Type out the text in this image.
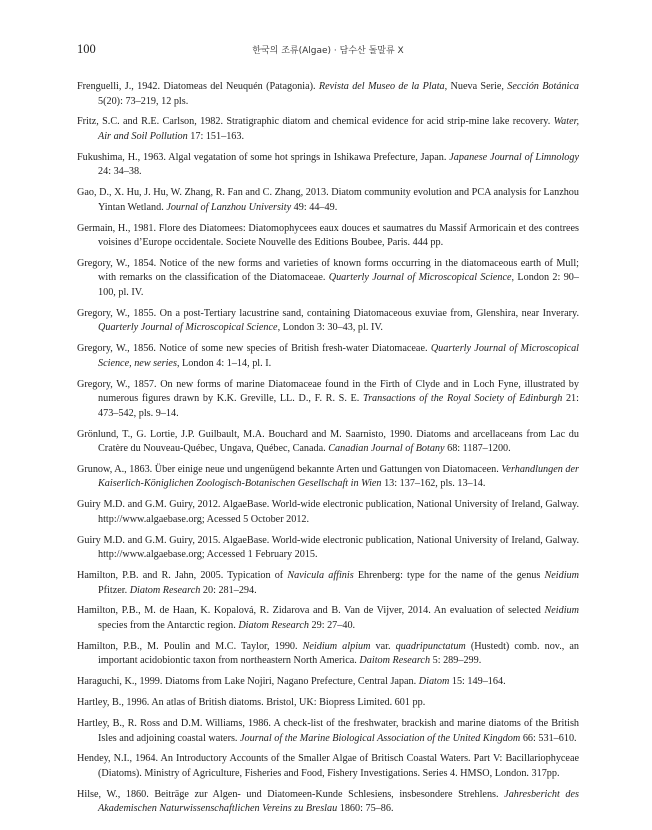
100	한국의 조류(Algae) · 담수산 돌말류 X
Frenguelli, J., 1942. Diatomeas del Neuquén (Patagonia). Revista del Museo de la Plata, Nueva Serie, Sección Botánica 5(20): 73–219, 12 pls.
Fritz, S.C. and R.E. Carlson, 1982. Stratigraphic diatom and chemical evidence for acid strip-mine lake recovery. Water, Air and Soil Pollution 17: 151–163.
Fukushima, H., 1963. Algal vegatation of some hot springs in Ishikawa Prefecture, Japan. Japanese Journal of Limnology 24: 34–38.
Gao, D., X. Hu, J. Hu, W. Zhang, R. Fan and C. Zhang, 2013. Diatom community evolution and PCA analysis for Lanzhou Yintan Wetland. Journal of Lanzhou University 49: 44–49.
Germain, H., 1981. Flore des Diatomees: Diatomophycees eaux douces et saumatres du Massif Armoricain et des contrees voisines d’Europe occidentale. Societe Nouvelle des Editions Boubee, Paris. 444 pp.
Gregory, W., 1854. Notice of the new forms and varieties of known forms occurring in the diatomaceous earth of Mull; with remarks on the classification of the Diatomaceae. Quarterly Journal of Microscopical Science, London 2: 90–100, pl. IV.
Gregory, W., 1855. On a post-Tertiary lacustrine sand, containing Diatomaceous exuviae from, Glenshira, near Inverary. Quarterly Journal of Microscopical Science, London 3: 30–43, pl. IV.
Gregory, W., 1856. Notice of some new species of British fresh-water Diatomaceae. Quarterly Journal of Microscopical Science, new series, London 4: 1–14, pl. I.
Gregory, W., 1857. On new forms of marine Diatomaceae found in the Firth of Clyde and in Loch Fyne, illustrated by numerous figures drawn by K.K. Greville, LL. D., F. R. S. E. Transactions of the Royal Society of Edinburgh 21: 473–542, pls. 9–14.
Grönlund, T., G. Lortie, J.P. Guilbault, M.A. Bouchard and M. Saarnisto, 1990. Diatoms and arcellaceans from Lac du Cratère du Nouveau-Québec, Ungava, Québec, Canada. Canadian Journal of Botany 68: 1187–1200.
Grunow, A., 1863. Über einige neue und ungenügend bekannte Arten und Gattungen von Diatomaceen. Verhandlungen der Kaiserlich-Königlichen Zoologisch-Botanischen Gesellschaft in Wien 13: 137–162, pls. 13–14.
Guiry M.D. and G.M. Guiry, 2012. AlgaeBase. World-wide electronic publication, National University of Ireland, Galway. http://www.algaebase.org; Acessed 5 October 2012.
Guiry M.D. and G.M. Guiry, 2015. AlgaeBase. World-wide electronic publication, National University of Ireland, Galway. http://www.algaebase.org; Accessed 1 February 2015.
Hamilton, P.B. and R. Jahn, 2005. Typication of Navicula affinis Ehrenberg: type for the name of the genus Neidium Pfitzer. Diatom Research 20: 281–294.
Hamilton, P.B., M. de Haan, K. Kopalová, R. Zidarova and B. Van de Vijver, 2014. An evaluation of selected Neidium species from the Antarctic region. Diatom Research 29: 27–40.
Hamilton, P.B., M. Poulin and M.C. Taylor, 1990. Neidium alpium var. quadripunctatum (Hustedt) comb. nov., an important acidobiontic taxon from northeastern North America. Daitom Research 5: 289–299.
Haraguchi, K., 1999. Diatoms from Lake Nojiri, Nagano Prefecture, Central Japan. Diatom 15: 149–164.
Hartley, B., 1996. An atlas of British diatoms. Bristol, UK: Biopress Limited. 601 pp.
Hartley, B., R. Ross and D.M. Williams, 1986. A check-list of the freshwater, brackish and marine diatoms of the British Isles and adjoining coastal waters. Journal of the Marine Biological Association of the United Kingdom 66: 531–610.
Hendey, N.I., 1964. An Introductory Accounts of the Smaller Algae of Britisch Coastal Waters. Part V: Bacillariophyceae (Diatoms). Ministry of Agriculture, Fisheries and Food, Fishery Investigations. Series 4. HMSO, London. 317pp.
Hilse, W., 1860. Beiträge zur Algen- und Diatomeen-Kunde Schlesiens, insbesondere Strehlens. Jahresbericht des Akademischen Naturwissenschaftlichen Vereins zu Breslau 1860: 75–86.
